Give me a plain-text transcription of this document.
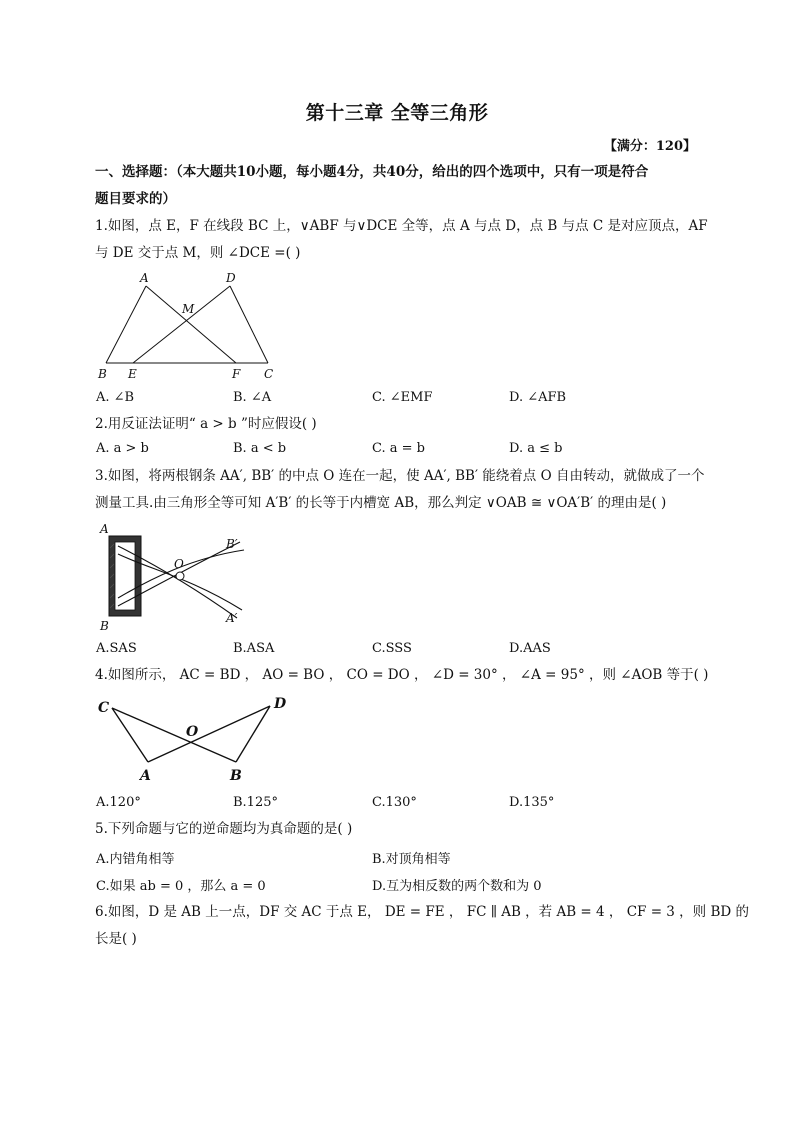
第十三章 全等三角形
【满分：120】
一、选择题：（本大题共10小题，每小题4分，共40分，给出的四个选项中，只有一项是符合
题目要求的）
1.如图，点 E，F 在线段 BC 上，∨ABF 与∨DCE 全等，点 A 与点 D，点 B 与点 C 是对应顶点，AF
与 DE 交于点 M，则 ∠DCE =( )
A	D
M
B E	F C
A. ∠B	B. ∠A	C. ∠EMF	D. ∠AFB
2.用反证法证明“ a > b ”时应假设( )
A. a > b	B. a < b	C. a = b	D. a ≤ b
3.如图，将两根钢条 AA′, BB′ 的中点 O 连在一起，使 AA′, BB′ 能绕着点 O 自由转动，就做成了一个
测量工具.由三角形全等可知 A′B′ 的长等于内槽宽 AB，那么判定 ∨OAB ≅ ∨OA′B′ 的理由是( )
A
B
O
B′
A′
A.SAS	B.ASA	C.SSS	D.AAS
4.如图所示， AC = BD ， AO = BO ， CO = DO ， ∠D = 30° ， ∠A = 95° ，则 ∠AOB 等于( )
C	D
O
A	B
A.120°	B.125°	C.130°	D.135°
5.下列命题与它的逆命题均为真命题的是( )
A.内错角相等	B.对顶角相等
C.如果 ab = 0 ，那么 a = 0	D.互为相反数的两个数和为 0
6.如图，D 是 AB 上一点，DF 交 AC 于点 E， DE = FE ， FC ∥ AB ，若 AB = 4 ， CF = 3 ，则 BD 的
长是( )
